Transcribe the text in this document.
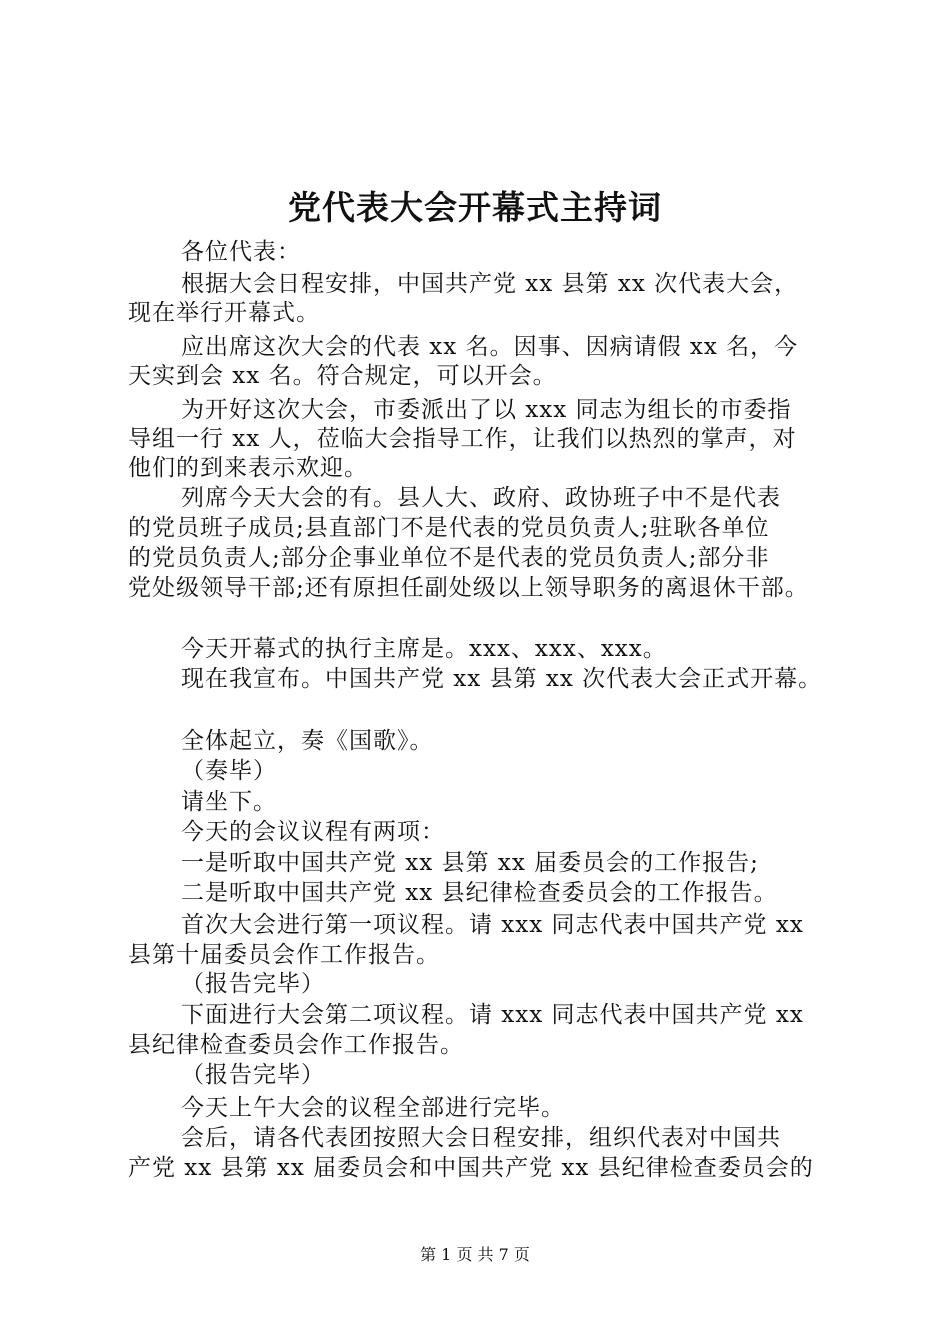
党代表大会开幕式主持词
各位代表：
根据大会日程安排，中国共产党 xx 县第 xx 次代表大会，
现在举行开幕式。
应出席这次大会的代表 xx 名。因事、因病请假 xx 名，今
天实到会 xx 名。符合规定，可以开会。
为开好这次大会，市委派出了以 xxx 同志为组长的市委指
导组一行 xx 人，莅临大会指导工作，让我们以热烈的掌声，对
他们的到来表示欢迎。
列席今天大会的有。县人大、政府、政协班子中不是代表
的党员班子成员;县直部门不是代表的党员负责人;驻耿各单位
的党员负责人;部分企事业单位不是代表的党员负责人;部分非
党处级领导干部;还有原担任副处级以上领导职务的离退休干部。
今天开幕式的执行主席是。xxx、xxx、xxx。
现在我宣布。中国共产党 xx 县第 xx 次代表大会正式开幕。
全体起立，奏《国歌》。
（奏毕）
请坐下。
今天的会议议程有两项：
一是听取中国共产党 xx 县第 xx 届委员会的工作报告;
二是听取中国共产党 xx 县纪律检查委员会的工作报告。
首次大会进行第一项议程。请 xxx 同志代表中国共产党 xx
县第十届委员会作工作报告。
（报告完毕）
下面进行大会第二项议程。请 xxx 同志代表中国共产党 xx
县纪律检查委员会作工作报告。
（报告完毕）
今天上午大会的议程全部进行完毕。
会后，请各代表团按照大会日程安排，组织代表对中国共
产党 xx 县第 xx 届委员会和中国共产党 xx 县纪律检查委员会的
第 1 页 共 7 页
